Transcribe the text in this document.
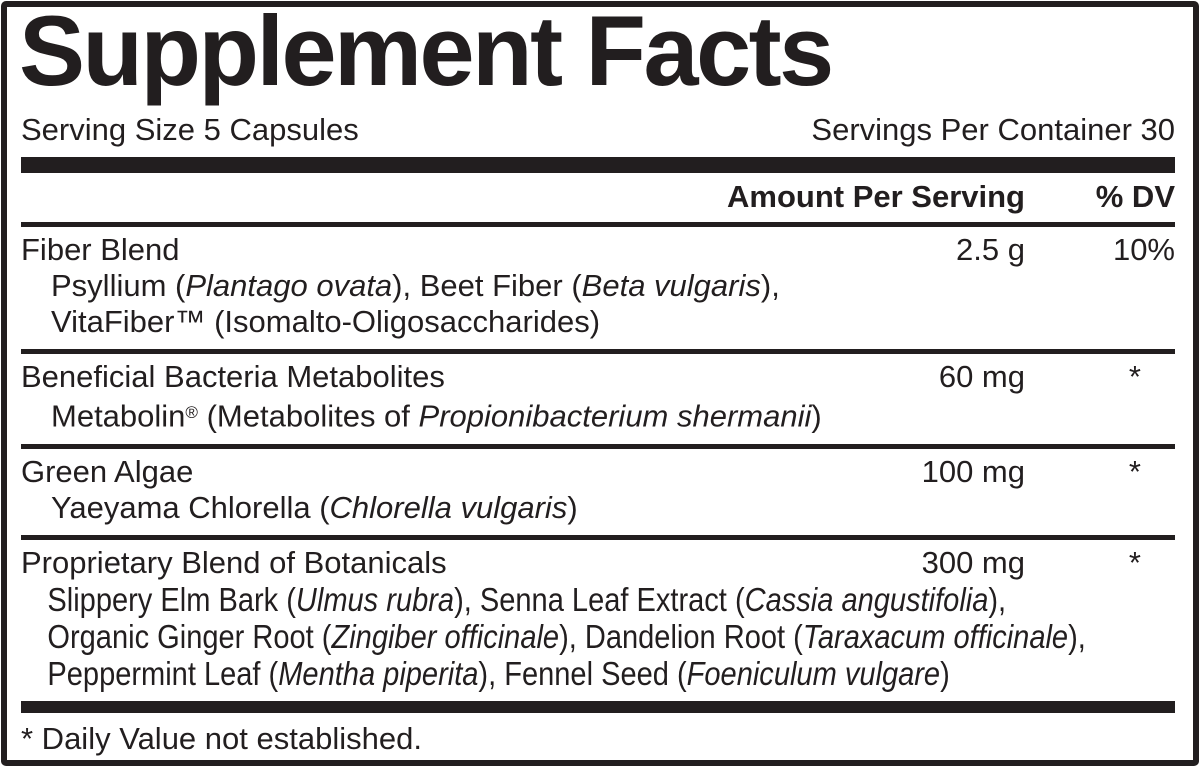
Supplement Facts
Serving Size 5 Capsules	Servings Per Container 30
Amount Per Serving	% DV
Fiber Blend	2.5 g	10%
Psyllium (Plantago ovata), Beet Fiber (Beta vulgaris),
VitaFiber™ (Isomalto-Oligosaccharides)
Beneficial Bacteria Metabolites	60 mg	*
Metabolin® (Metabolites of Propionibacterium shermanii)
Green Algae	100 mg	*
Yaeyama Chlorella (Chlorella vulgaris)
Proprietary Blend of Botanicals	300 mg	*
Slippery Elm Bark (Ulmus rubra), Senna Leaf Extract (Cassia angustifolia),
Organic Ginger Root (Zingiber officinale), Dandelion Root (Taraxacum officinale),
Peppermint Leaf (Mentha piperita), Fennel Seed (Foeniculum vulgare)
* Daily Value not established.
